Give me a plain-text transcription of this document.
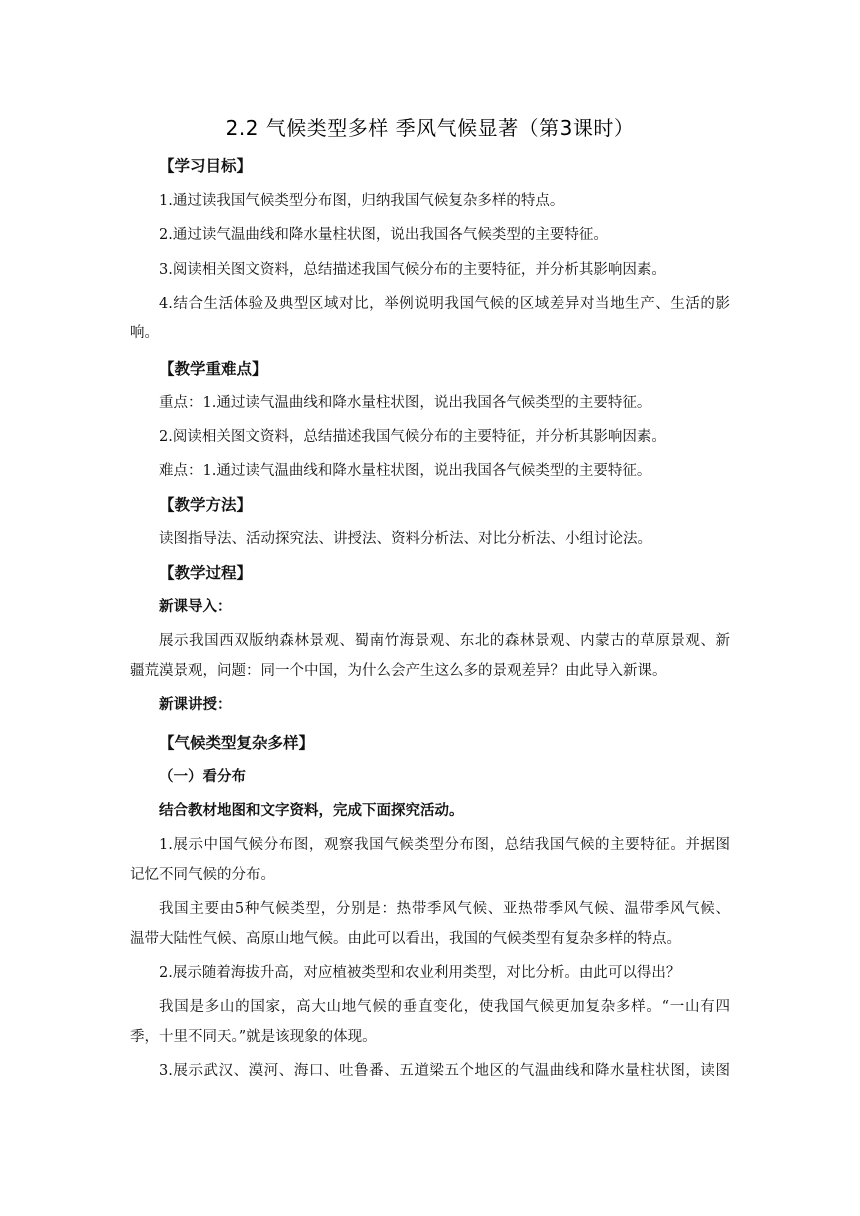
2.2 气候类型多样 季风气候显著（第3课时）
【学习目标】
1.通过读我国气候类型分布图，归纳我国气候复杂多样的特点。
2.通过读气温曲线和降水量柱状图，说出我国各气候类型的主要特征。
3.阅读相关图文资料，总结描述我国气候分布的主要特征，并分析其影响因素。
4.结合生活体验及典型区域对比，举例说明我国气候的区域差异对当地生产、生活的影
响。
【教学重难点】
重点：1.通过读气温曲线和降水量柱状图，说出我国各气候类型的主要特征。
2.阅读相关图文资料，总结描述我国气候分布的主要特征，并分析其影响因素。
难点：1.通过读气温曲线和降水量柱状图，说出我国各气候类型的主要特征。
【教学方法】
读图指导法、活动探究法、讲授法、资料分析法、对比分析法、小组讨论法。
【教学过程】
新课导入：
展示我国西双版纳森林景观、蜀南竹海景观、东北的森林景观、内蒙古的草原景观、新
疆荒漠景观，问题：同一个中国，为什么会产生这么多的景观差异？由此导入新课。
新课讲授：
【气候类型复杂多样】
（一）看分布
结合教材地图和文字资料，完成下面探究活动。
1.展示中国气候分布图，观察我国气候类型分布图，总结我国气候的主要特征。并据图
记忆不同气候的分布。
我国主要由5种气候类型，分别是：热带季风气候、亚热带季风气候、温带季风气候、
温带大陆性气候、高原山地气候。由此可以看出，我国的气候类型有复杂多样的特点。
2.展示随着海拔升高，对应植被类型和农业利用类型，对比分析。由此可以得出？
我国是多山的国家，高大山地气候的垂直变化，使我国气候更加复杂多样。“一山有四
季，十里不同天。”就是该现象的体现。
3.展示武汉、漠河、海口、吐鲁番、五道梁五个地区的气温曲线和降水量柱状图，读图
